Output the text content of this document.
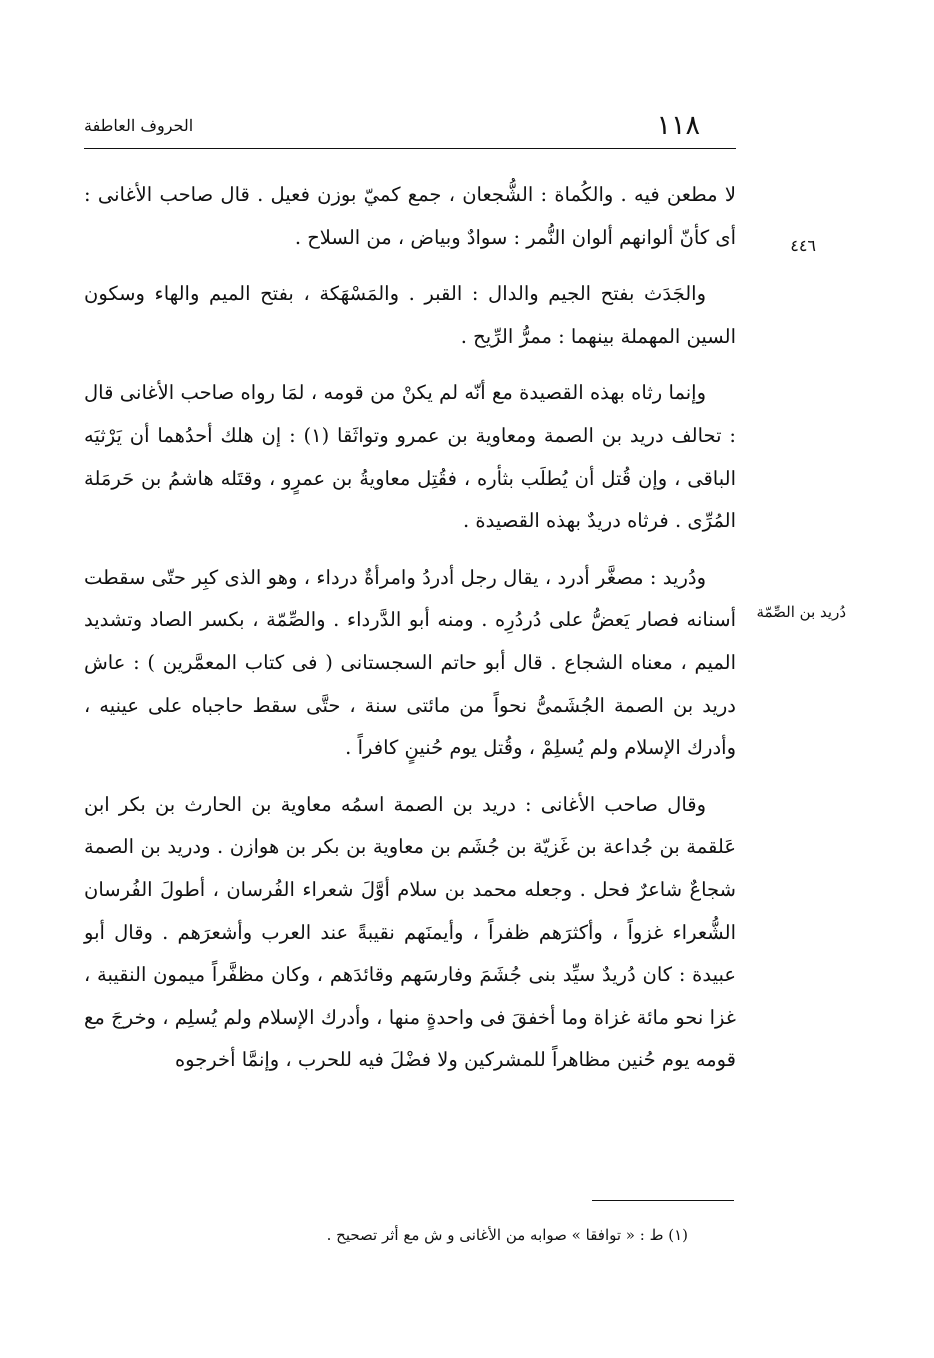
١١٨
الحروف العاطفة
٤٤٦
دُريد بن الصِّمّة

لا مطعن فيه . والكُماة : الشُّجعان ، جمع كميّ بوزن فعيل . قال صاحب الأغانى : أى كأنّ ألوانهم ألوان النُّمر : سوادٌ وبياض ، من السلاح .

والجَدَث بفتح الجيم والدال : القبر . والمَسْهَكة ، بفتح الميم والهاء وسكون السين المهملة بينهما : ممرُّ الرِّيح .

وإنما رثاه بهذه القصيدة مع أنّه لم يكنْ من قومه ، لمَا رواه صاحب الأغانى قال : تحالف دريد بن الصمة ومعاوية بن عمرو وتواثَقا (١) : إن هلك أحدُهما أن يَرْثيَه الباقى ، وإن قُتل أن يُطلَب بثأره ، فقُتِل معاويةُ بن عمرٍو ، وقتَله هاشمُ بن حَرمَلة المُرِّى . فرثاه دريدٌ بهذه القصيدة .

ودُريد : مصغَّر أدرد ، يقال رجل أدردُ وامرأةٌ درداء ، وهو الذى كبِر حتّى سقطت أسنانه فصار يَعضُّ على دُردُرِه . ومنه أبو الدَّرداء . والصِّمّة ، بكسر الصاد وتشديد الميم ، معناه الشجاع . قال أبو حاتم السجستانى ( فى كتاب المعمَّرين ) : عاش دريد بن الصمة الجُشَمىُّ نحواً من مائتى سنة ، حتَّى سقط حاجباه على عينيه ، وأدرك الإسلام ولم يُسلِمْ ، وقُتل يوم حُنينٍ كافراً .

وقال صاحب الأغانى : دريد بن الصمة اسمُه معاوية بن الحارث بن بكر ابن عَلقمة بن جُداعة بن غَزيّة بن جُشَم بن معاوية بن بكر بن هوازن . ودريد بن الصمة شجاعٌ شاعرٌ فحل . وجعله محمد بن سلام أوَّلَ شعراء الفُرسان ، أطولَ الفُرسان الشُّعراء غزواً ، وأكثرَهم ظفراً ، وأيمنَهم نقيبةً عند العرب وأشعرَهم . وقال أبو عبيدة : كان دُريدٌ سيِّد بنى جُشَمَ وفارسَهم وقائدَهم ، وكان مظفَّراً ميمون النقيبة ، غزا نحو مائة غزاة وما أخفقَ فى واحدةٍ منها ، وأدرك الإسلام ولم يُسلِم ، وخرجَ مع قومه يوم حُنين مظاهراً للمشركين ولا فضْلَ فيه للحرب ، وإنمَّا أخرجوه

(١) ط : « توافقا » صوابه من الأغانى و ش مع أثر تصحيح .
